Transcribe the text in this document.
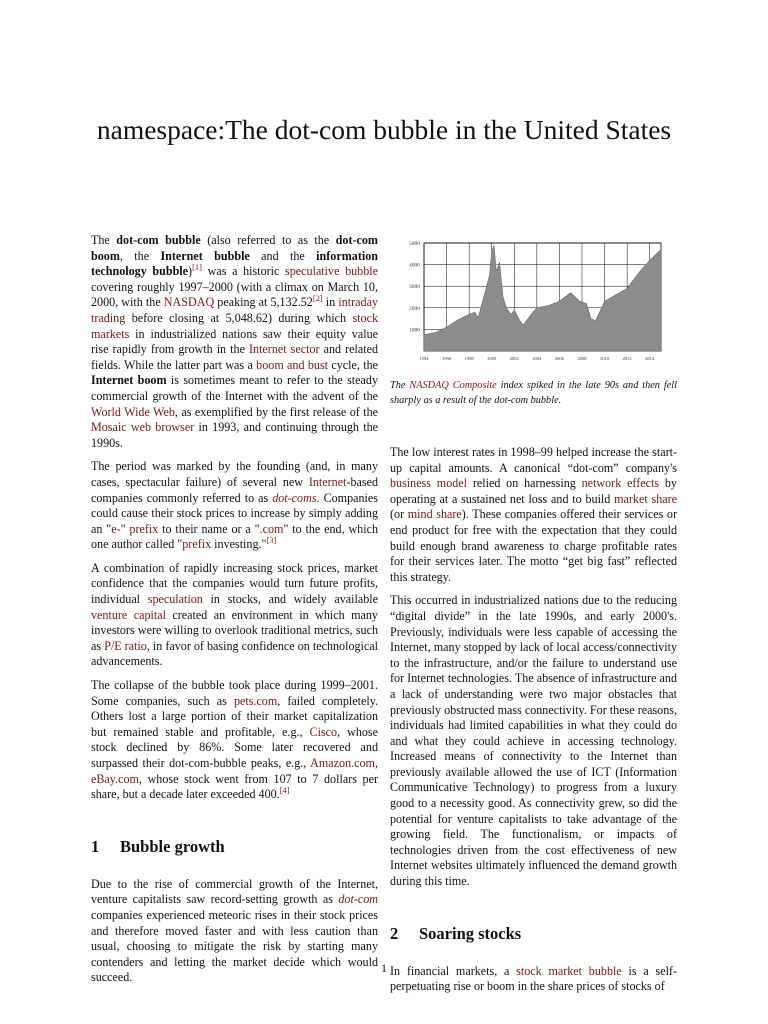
namespace:The dot-com bubble in the United States

The dot-com bubble (also referred to as the dot-com boom, the Internet bubble and the information technology bubble)[1] was a historic speculative bubble covering roughly 1997–2000 (with a climax on March 10, 2000, with the NASDAQ peaking at 5,132.52[2] in intraday trading before closing at 5,048.62) during which stock markets in industrialized nations saw their equity value rise rapidly from growth in the Internet sector and related fields. While the latter part was a boom and bust cycle, the Internet boom is sometimes meant to refer to the steady commercial growth of the Internet with the advent of the World Wide Web, as exemplified by the first release of the Mosaic web browser in 1993, and continuing through the 1990s.

The period was marked by the founding (and, in many cases, spectacular failure) of several new Internet-based companies commonly referred to as dot-coms. Companies could cause their stock prices to increase by simply adding an "e-" prefix to their name or a ".com" to the end, which one author called "prefix investing."[3]

A combination of rapidly increasing stock prices, market confidence that the companies would turn future profits, individual speculation in stocks, and widely available venture capital created an environment in which many investors were willing to overlook traditional metrics, such as P/E ratio, in favor of basing confidence on technological advancements.

The collapse of the bubble took place during 1999–2001. Some companies, such as pets.com, failed completely. Others lost a large portion of their market capitalization but remained stable and profitable, e.g., Cisco, whose stock declined by 86%. Some later recovered and surpassed their dot-com-bubble peaks, e.g., Amazon.com, eBay.com, whose stock went from 107 to 7 dollars per share, but a decade later exceeded 400.[4]

1 Bubble growth

Due to the rise of commercial growth of the Internet, venture capitalists saw record-setting growth as dot-com companies experienced meteoric rises in their stock prices and therefore moved faster and with less caution than usual, choosing to mitigate the risk by starting many contenders and letting the market decide which would succeed.

1000
2000
3000
4000
5000
1994	1996	1998	2000	2002	2004	2006	2008	2010	2012	2014
The NASDAQ Composite index spiked in the late 90s and then fell sharply as a result of the dot-com bubble.

The low interest rates in 1998–99 helped increase the start-up capital amounts. A canonical “dot-com” company's business model relied on harnessing network effects by operating at a sustained net loss and to build market share (or mind share). These companies offered their services or end product for free with the expectation that they could build enough brand awareness to charge profitable rates for their services later. The motto “get big fast” reflected this strategy.

This occurred in industrialized nations due to the reducing “digital divide” in the late 1990s, and early 2000's. Previously, individuals were less capable of accessing the Internet, many stopped by lack of local access/connectivity to the infrastructure, and/or the failure to understand use for Internet technologies. The absence of infrastructure and a lack of understanding were two major obstacles that previously obstructed mass connectivity. For these reasons, individuals had limited capabilities in what they could do and what they could achieve in accessing technology. Increased means of connectivity to the Internet than previously available allowed the use of ICT (Information Communicative Technology) to progress from a luxury good to a necessity good. As connectivity grew, so did the potential for venture capitalists to take advantage of the growing field. The functionalism, or impacts of technologies driven from the cost effectiveness of new Internet websites ultimately influenced the demand growth during this time.

2 Soaring stocks

In financial markets, a stock market bubble is a self-perpetuating rise or boom in the share prices of stocks of

1
